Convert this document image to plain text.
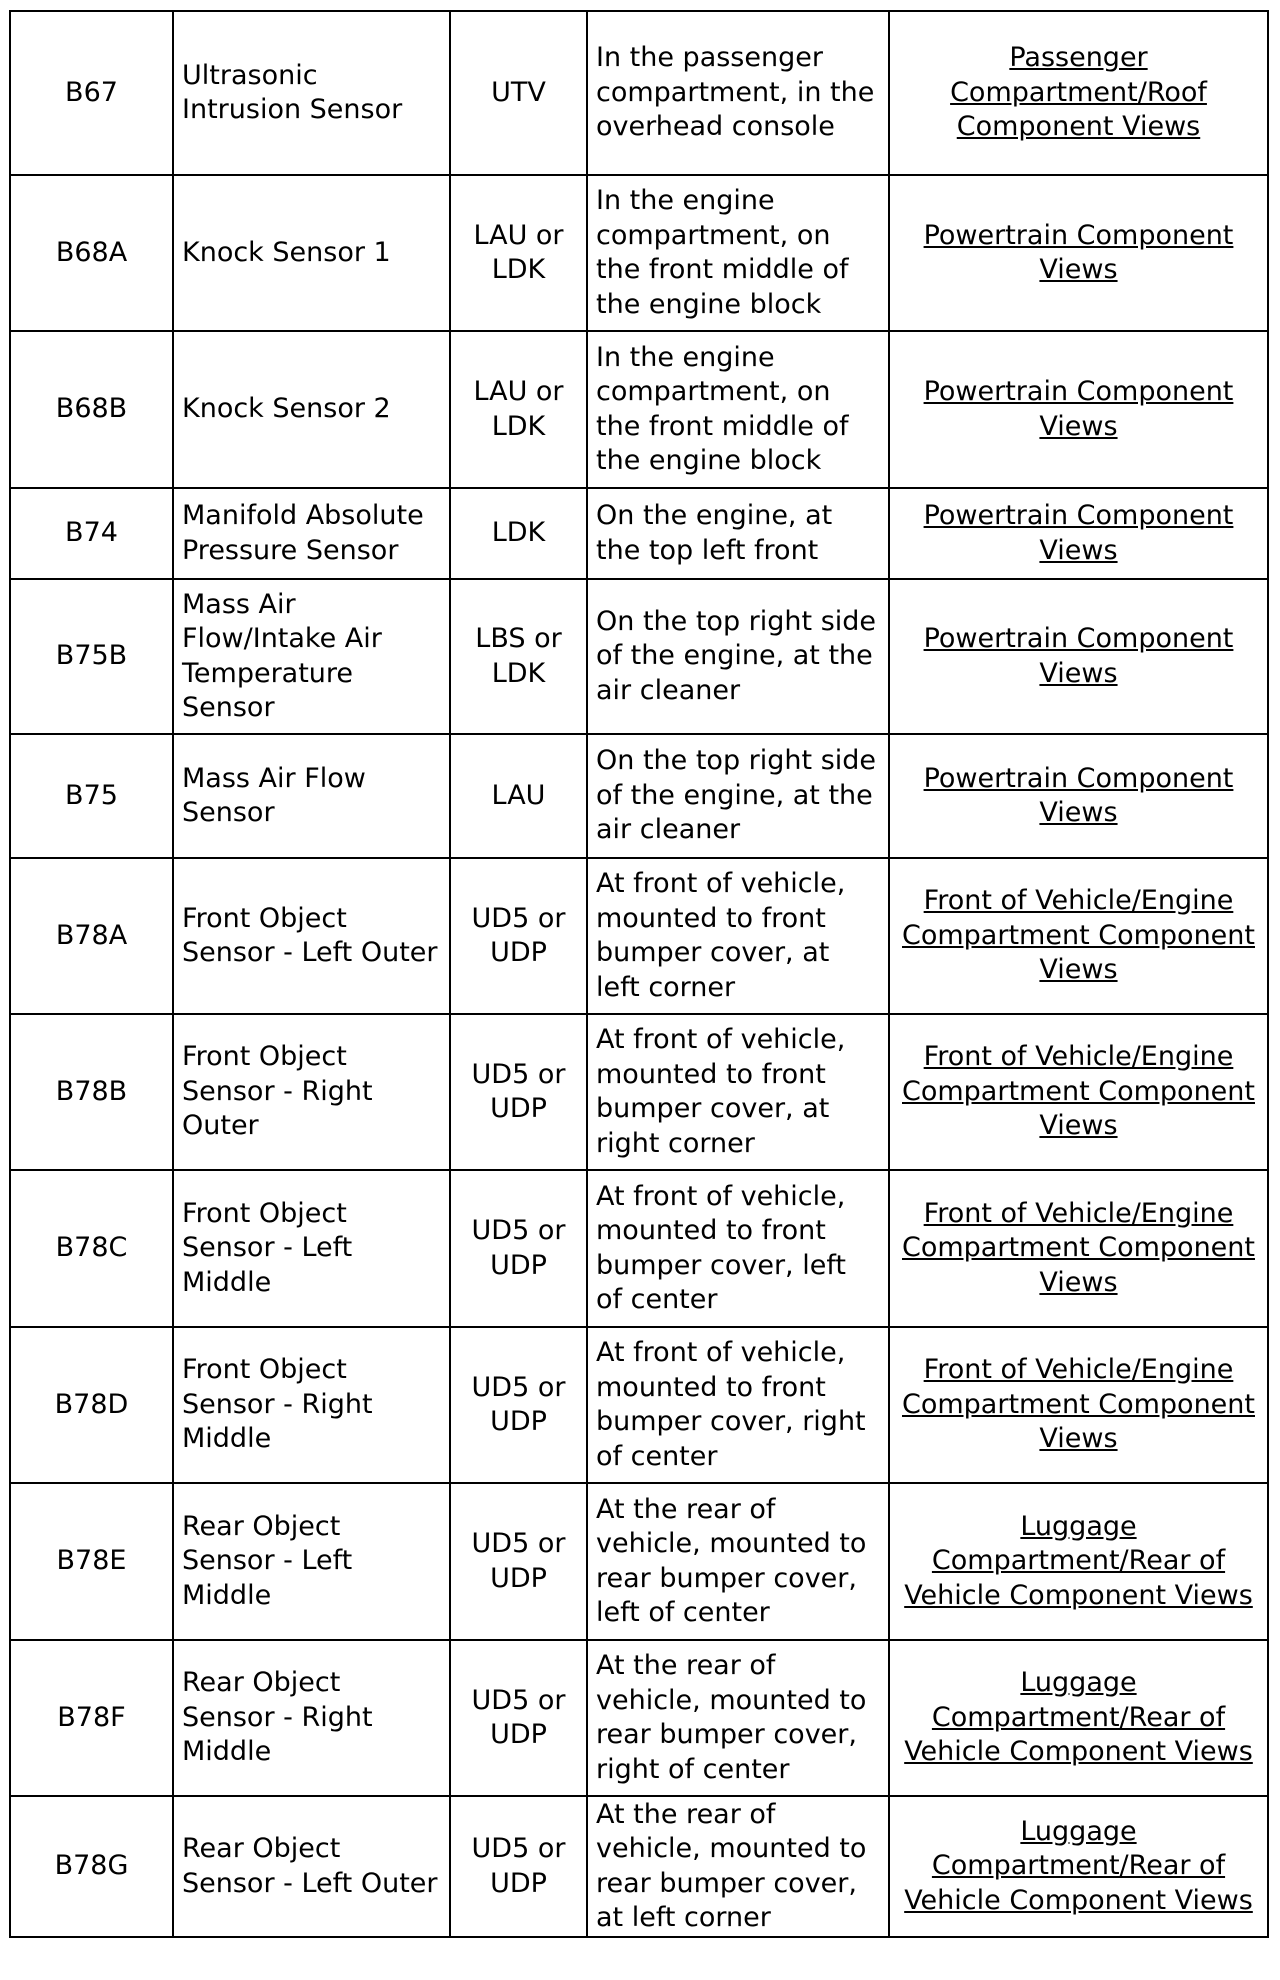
B67	Ultrasonic Intrusion Sensor	UTV	In the passenger compartment, in the overhead console	Passenger Compartment/Roof Component Views
B68A	Knock Sensor 1	LAU or LDK	In the engine compartment, on the front middle of the engine block	Powertrain Component Views
B68B	Knock Sensor 2	LAU or LDK	In the engine compartment, on the front middle of the engine block	Powertrain Component Views
B74	Manifold Absolute Pressure Sensor	LDK	On the engine, at the top left front	Powertrain Component Views
B75B	Mass Air Flow/Intake Air Temperature Sensor	LBS or LDK	On the top right side of the engine, at the air cleaner	Powertrain Component Views
B75	Mass Air Flow Sensor	LAU	On the top right side of the engine, at the air cleaner	Powertrain Component Views
B78A	Front Object Sensor - Left Outer	UD5 or UDP	At front of vehicle, mounted to front bumper cover, at left corner	Front of Vehicle/Engine Compartment Component Views
B78B	Front Object Sensor - Right Outer	UD5 or UDP	At front of vehicle, mounted to front bumper cover, at right corner	Front of Vehicle/Engine Compartment Component Views
B78C	Front Object Sensor - Left Middle	UD5 or UDP	At front of vehicle, mounted to front bumper cover, left of center	Front of Vehicle/Engine Compartment Component Views
B78D	Front Object Sensor - Right Middle	UD5 or UDP	At front of vehicle, mounted to front bumper cover, right of center	Front of Vehicle/Engine Compartment Component Views
B78E	Rear Object Sensor - Left Middle	UD5 or UDP	At the rear of vehicle, mounted to rear bumper cover, left of center	Luggage Compartment/Rear of Vehicle Component Views
B78F	Rear Object Sensor - Right Middle	UD5 or UDP	At the rear of vehicle, mounted to rear bumper cover, right of center	Luggage Compartment/Rear of Vehicle Component Views
B78G	Rear Object Sensor - Left Outer	UD5 or UDP	At the rear of vehicle, mounted to rear bumper cover, at left corner	Luggage Compartment/Rear of Vehicle Component Views
